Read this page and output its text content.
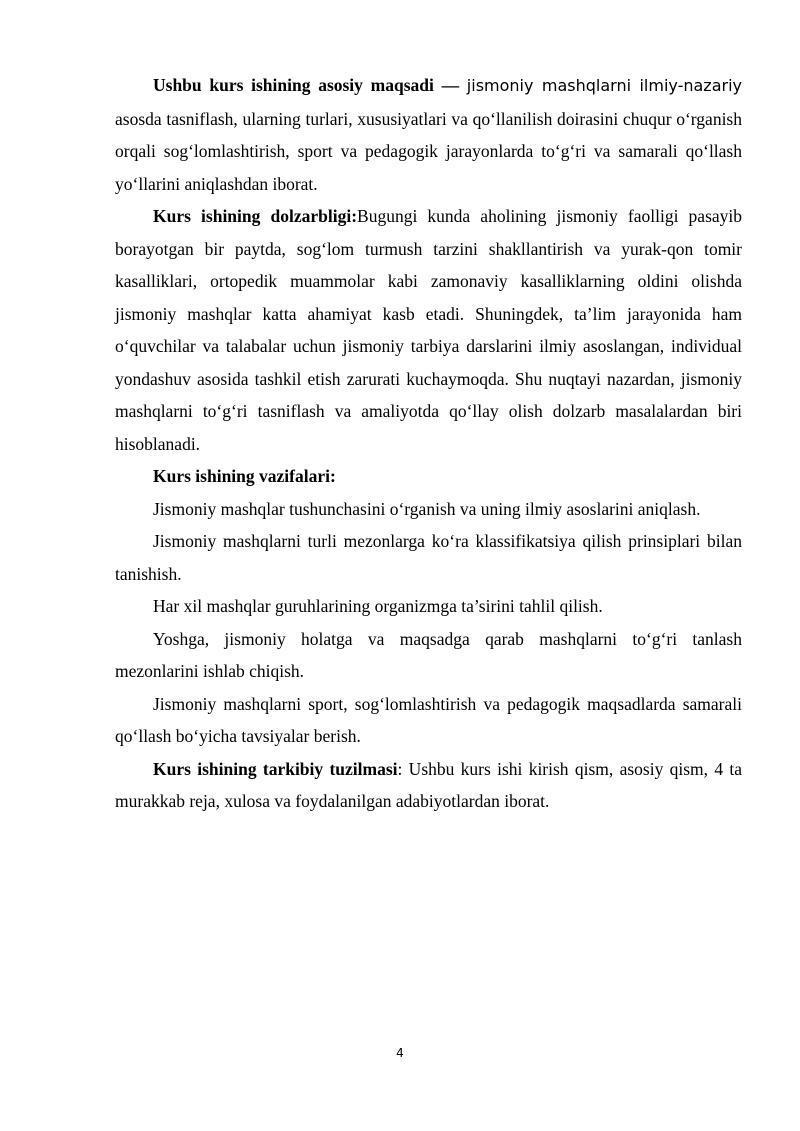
Ushbu kurs ishining asosiy maqsadi — jismoniy mashqlarni ilmiy-nazariy asosda tasniflash, ularning turlari, xususiyatlari va qo‘llanilish doirasini chuqur o‘rganish orqali sog‘lomlashtirish, sport va pedagogik jarayonlarda to‘g‘ri va samarali qo‘llash yo‘llarini aniqlashdan iborat.

Kurs ishining dolzarbligi:Bugungi kunda aholining jismoniy faolligi pasayib borayotgan bir paytda, sog‘lom turmush tarzini shakllantirish va yurak-qon tomir kasalliklari, ortopedik muammolar kabi zamonaviy kasalliklarning oldini olishda jismoniy mashqlar katta ahamiyat kasb etadi. Shuningdek, ta’lim jarayonida ham o‘quvchilar va talabalar uchun jismoniy tarbiya darslarini ilmiy asoslangan, individual yondashuv asosida tashkil etish zarurati kuchaymoqda. Shu nuqtayi nazardan, jismoniy mashqlarni to‘g‘ri tasniflash va amaliyotda qo‘llay olish dolzarb masalalardan biri hisoblanadi.

Kurs ishining vazifalari:

Jismoniy mashqlar tushunchasini o‘rganish va uning ilmiy asoslarini aniqlash.

Jismoniy mashqlarni turli mezonlarga ko‘ra klassifikatsiya qilish prinsiplari bilan tanishish.

Har xil mashqlar guruhlarining organizmga ta’sirini tahlil qilish.

Yoshga, jismoniy holatga va maqsadga qarab mashqlarni to‘g‘ri tanlash mezonlarini ishlab chiqish.

Jismoniy mashqlarni sport, sog‘lomlashtirish va pedagogik maqsadlarda samarali qo‘llash bo‘yicha tavsiyalar berish.

Kurs ishining tarkibiy tuzilmasi: Ushbu kurs ishi kirish qism, asosiy qism, 4 ta murakkab reja, xulosa va foydalanilgan adabiyotlardan iborat.

4
